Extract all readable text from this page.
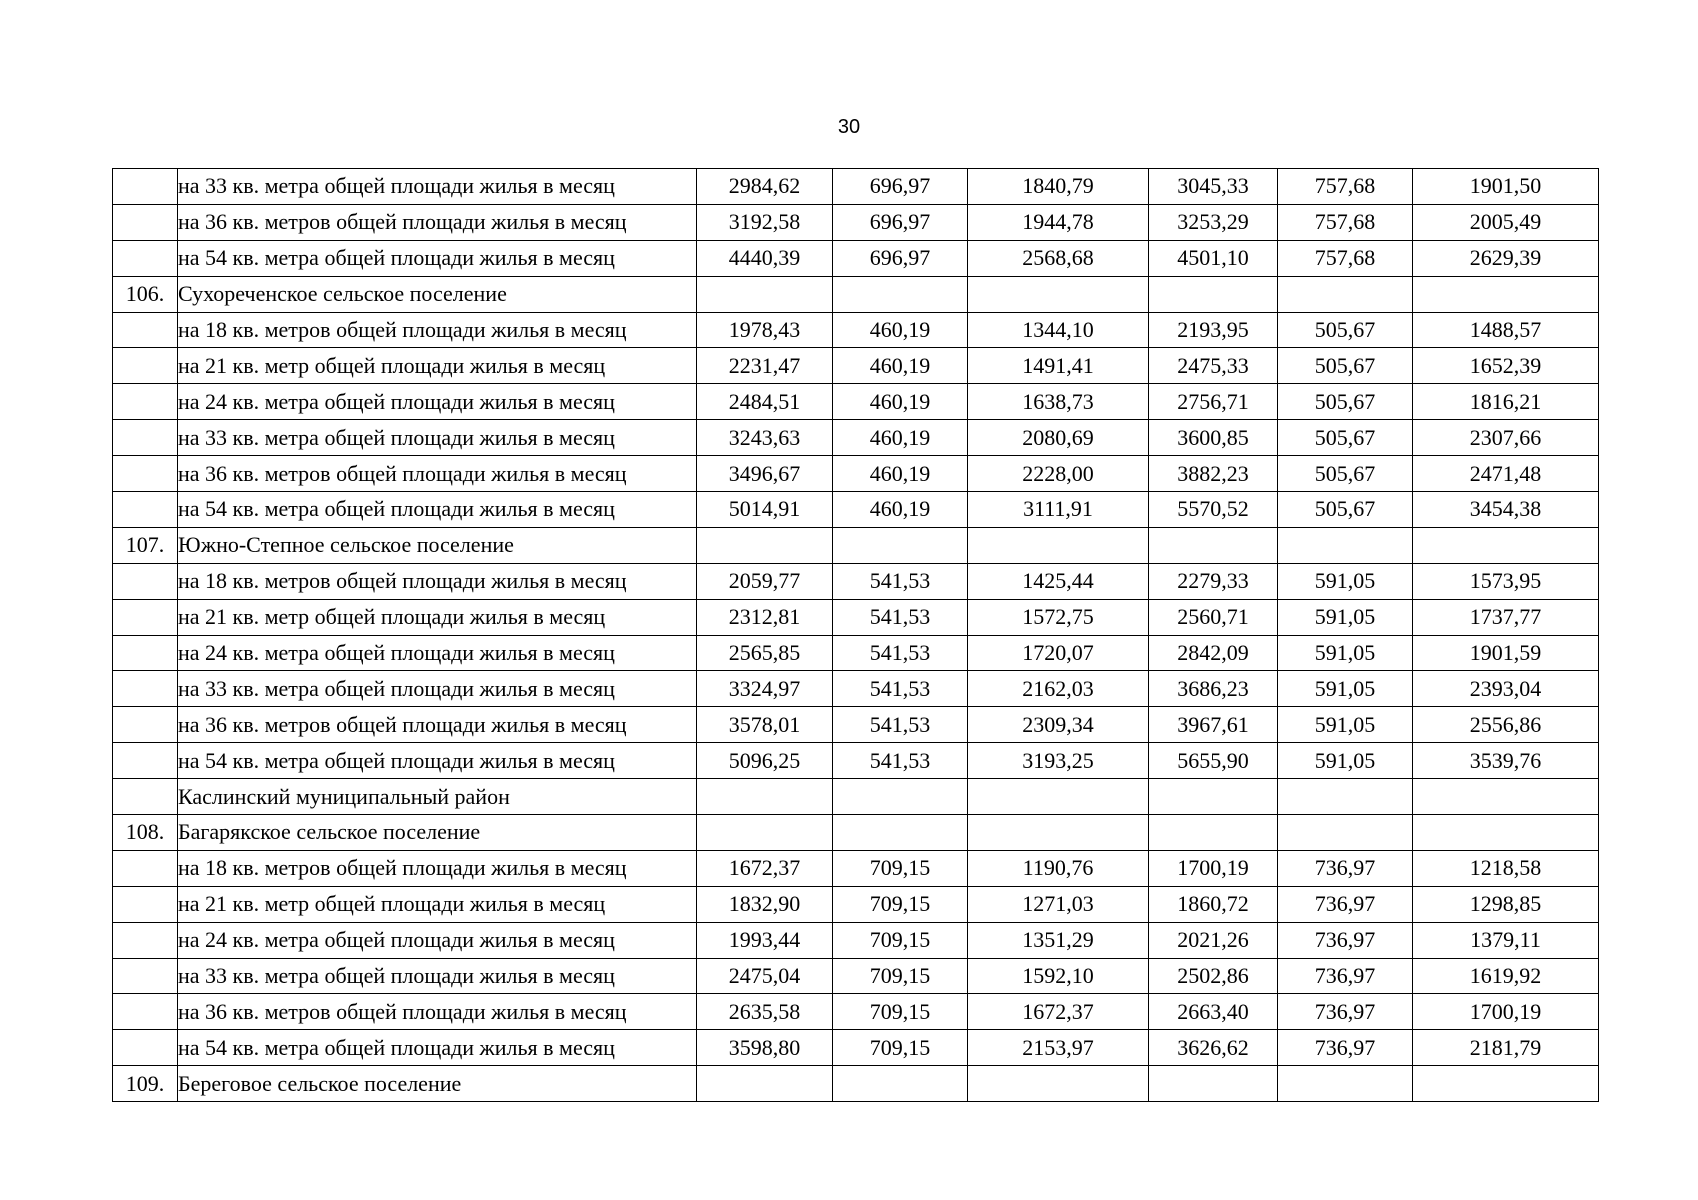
30
	на 33 кв. метра общей площади жилья в месяц	2984,62	696,97	1840,79	3045,33	757,68	1901,50
	на 36 кв. метров общей площади жилья в месяц	3192,58	696,97	1944,78	3253,29	757,68	2005,49
	на 54 кв. метра общей площади жилья в месяц	4440,39	696,97	2568,68	4501,10	757,68	2629,39
106.	Сухореченское сельское поселение						
	на 18 кв. метров общей площади жилья в месяц	1978,43	460,19	1344,10	2193,95	505,67	1488,57
	на 21 кв. метр общей площади жилья в месяц	2231,47	460,19	1491,41	2475,33	505,67	1652,39
	на 24 кв. метра общей площади жилья в месяц	2484,51	460,19	1638,73	2756,71	505,67	1816,21
	на 33 кв. метра общей площади жилья в месяц	3243,63	460,19	2080,69	3600,85	505,67	2307,66
	на 36 кв. метров общей площади жилья в месяц	3496,67	460,19	2228,00	3882,23	505,67	2471,48
	на 54 кв. метра общей площади жилья в месяц	5014,91	460,19	3111,91	5570,52	505,67	3454,38
107.	Южно-Степное сельское поселение						
	на 18 кв. метров общей площади жилья в месяц	2059,77	541,53	1425,44	2279,33	591,05	1573,95
	на 21 кв. метр общей площади жилья в месяц	2312,81	541,53	1572,75	2560,71	591,05	1737,77
	на 24 кв. метра общей площади жилья в месяц	2565,85	541,53	1720,07	2842,09	591,05	1901,59
	на 33 кв. метра общей площади жилья в месяц	3324,97	541,53	2162,03	3686,23	591,05	2393,04
	на 36 кв. метров общей площади жилья в месяц	3578,01	541,53	2309,34	3967,61	591,05	2556,86
	на 54 кв. метра общей площади жилья в месяц	5096,25	541,53	3193,25	5655,90	591,05	3539,76
	Каслинский муниципальный район						
108.	Багарякское сельское поселение						
	на 18 кв. метров общей площади жилья в месяц	1672,37	709,15	1190,76	1700,19	736,97	1218,58
	на 21 кв. метр общей площади жилья в месяц	1832,90	709,15	1271,03	1860,72	736,97	1298,85
	на 24 кв. метра общей площади жилья в месяц	1993,44	709,15	1351,29	2021,26	736,97	1379,11
	на 33 кв. метра общей площади жилья в месяц	2475,04	709,15	1592,10	2502,86	736,97	1619,92
	на 36 кв. метров общей площади жилья в месяц	2635,58	709,15	1672,37	2663,40	736,97	1700,19
	на 54 кв. метра общей площади жилья в месяц	3598,80	709,15	2153,97	3626,62	736,97	2181,79
109.	Береговое сельское поселение						
